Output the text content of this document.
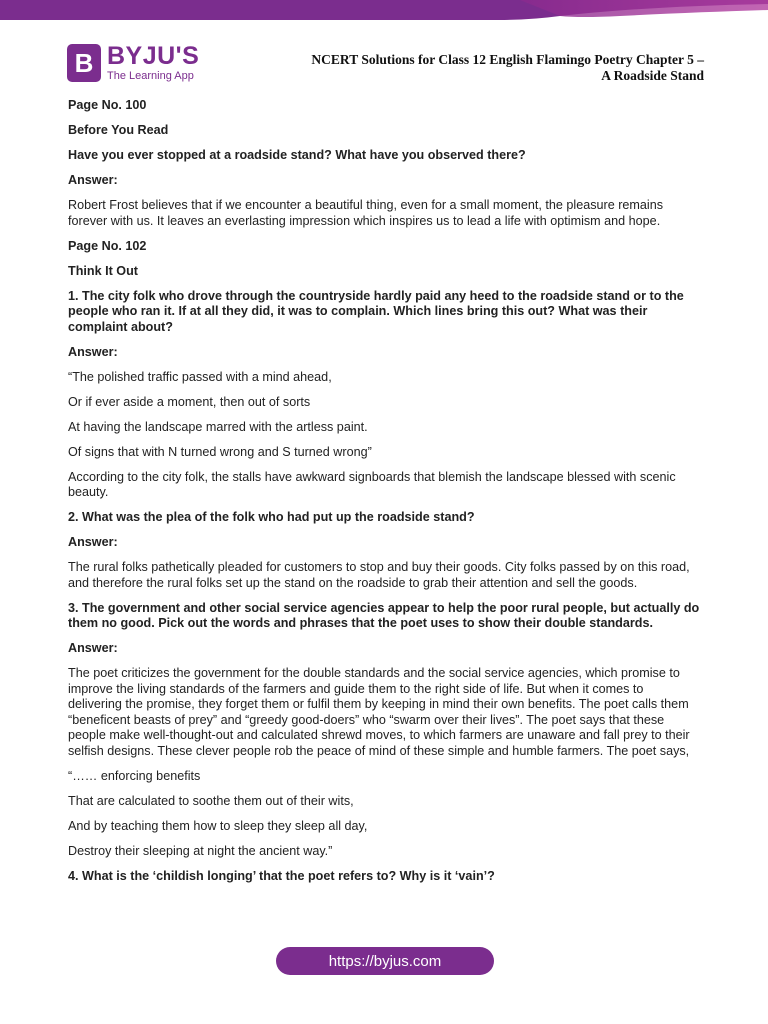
B BYJU'S
The Learning App
NCERT Solutions for Class 12 English Flamingo Poetry Chapter 5 –
A Roadside Stand

Page No. 100

Before You Read

Have you ever stopped at a roadside stand? What have you observed there?

Answer:

Robert Frost believes that if we encounter a beautiful thing, even for a small moment, the pleasure remains forever with us. It leaves an everlasting impression which inspires us to lead a life with optimism and hope.

Page No. 102

Think It Out

1. The city folk who drove through the countryside hardly paid any heed to the roadside stand or to the people who ran it. If at all they did, it was to complain. Which lines bring this out? What was their complaint about?

Answer:

“The polished traffic passed with a mind ahead,

Or if ever aside a moment, then out of sorts

At having the landscape marred with the artless paint.

Of signs that with N turned wrong and S turned wrong”

According to the city folk, the stalls have awkward signboards that blemish the landscape blessed with scenic beauty.

2. What was the plea of the folk who had put up the roadside stand?

Answer:

The rural folks pathetically pleaded for customers to stop and buy their goods. City folks passed by on this road, and therefore the rural folks set up the stand on the roadside to grab their attention and sell the goods.

3. The government and other social service agencies appear to help the poor rural people, but actually do them no good. Pick out the words and phrases that the poet uses to show their double standards.

Answer:

The poet criticizes the government for the double standards and the social service agencies, which promise to improve the living standards of the farmers and guide them to the right side of life. But when it comes to delivering the promise, they forget them or fulfil them by keeping in mind their own benefits. The poet calls them “beneficent beasts of prey” and “greedy good-doers” who “swarm over their lives”. The poet says that these people make well-thought-out and calculated shrewd moves, to which farmers are unaware and fall prey to their selfish designs. These clever people rob the peace of mind of these simple and humble farmers. The poet says,

“…… enforcing benefits

That are calculated to soothe them out of their wits,

And by teaching them how to sleep they sleep all day,

Destroy their sleeping at night the ancient way.”

4. What is the ‘childish longing’ that the poet refers to? Why is it ‘vain’?

https://byjus.com
